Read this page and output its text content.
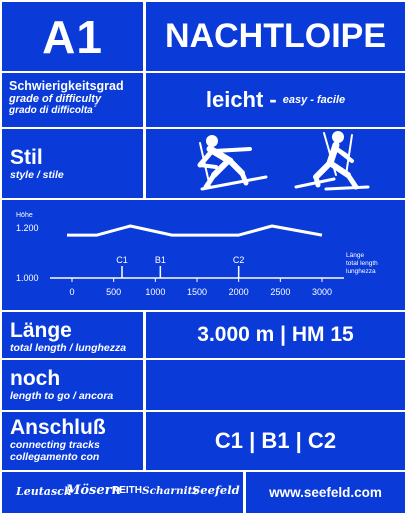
A1 NACHTLOIPE
Schwierigkeitsgrad
grade of difficulty
grado di difficolta´	leicht - easy - facile
Stil
style / stile
Höhe
1.200
1.000
Länge
total length
lunghezza
0	500	1000 1500 2000 2500 3000
C1	B1	C2
Länge
total length / lunghezza
3.000 m | HM 15
noch
length to go / ancora
Anschluß
connecting tracks
collegamento con
C1 | B1 | C2
Leutasch
Mösern
REITH Scharnitz
Seefeld www.seefeld.com
